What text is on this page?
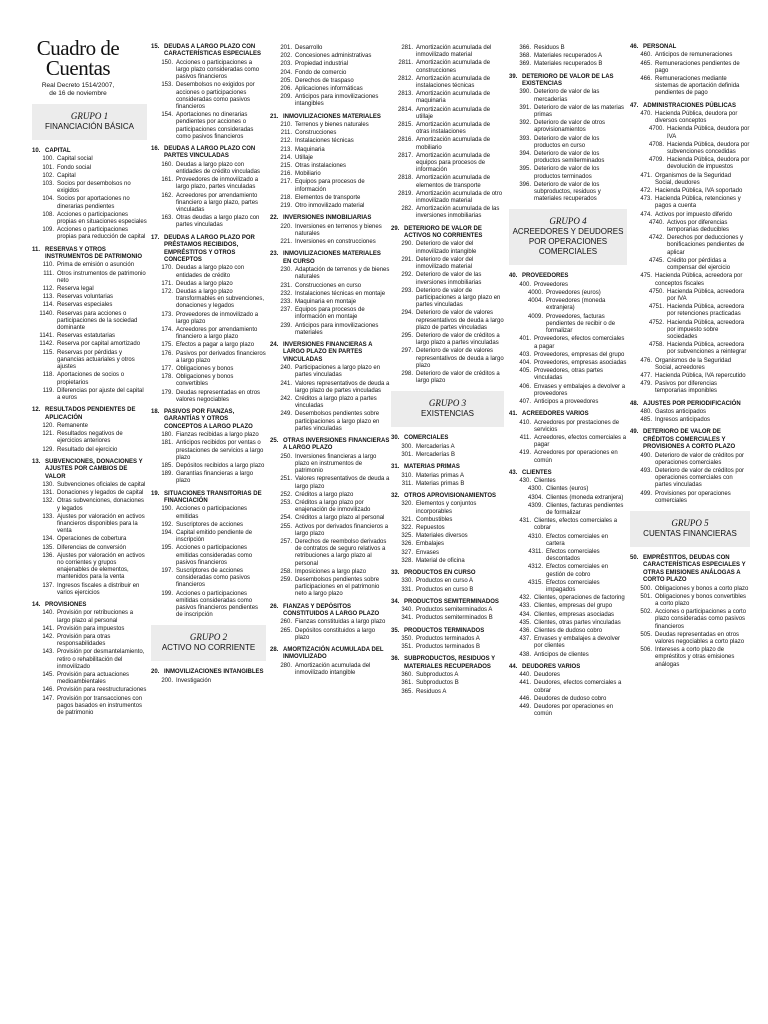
Cuadro de
Cuentas
Real Decreto 1514/2007,
de 16 de noviembre
GRUPO 1
FINANCIACIÓN BÁSICA
10. CAPITAL
100. Capital social
101. Fondo social
102. Capital
103. Socios por desembolsos no exigidos
104. Socios por aportaciones no dinerarias pendientes
108. Acciones o participaciones propias en situaciones especiales
109. Acciones o participaciones propias para reducción de capital
11. RESERVAS Y OTROS INSTRUMENTOS DE PATRIMONIO
110. Prima de emisión o asunción
111. Otros instrumentos de patrimonio neto
112. Reserva legal
113. Reservas voluntarias
114. Reservas especiales
1140. Reservas para acciones o participaciones de la sociedad dominante
1141. Reservas estatutarias
1142. Reserva por capital amortizado
115. Reservas por pérdidas y ganancias actuariales y otros ajustes
118. Aportaciones de socios o propietarios
119. Diferencias por ajuste del capital a euros
12. RESULTADOS PENDIENTES DE APLICACIÓN
120. Remanente
121. Resultados negativos de ejercicios anteriores
129. Resultado del ejercicio
13. SUBVENCIONES, DONACIONES Y AJUSTES POR CAMBIOS DE VALOR
130. Subvenciones oficiales de capital
131. Donaciones y legados de capital
132. Otras subvenciones, donaciones y legados
133. Ajustes por valoración en activos financieros disponibles para la venta
134. Operaciones de cobertura
135. Diferencias de conversión
136. Ajustes por valoración en activos no corrientes y grupos enajenables de elementos, mantenidos para la venta
137. Ingresos fiscales a distribuir en varios ejercicios
14. PROVISIONES
140. Provisión por retribuciones a largo plazo al personal
141. Provisión para impuestos
142. Provisión para otras responsabilidades
143. Provisión por desmantelamiento, retiro o rehabilitación del inmovilizado
145. Provisión para actuaciones medioambientales
146. Provisión para reestructuraciones
147. Provisión por transacciones con pagos basados en instrumentos de patrimonio
15. DEUDAS A LARGO PLAZO CON CARACTERÍSTICAS ESPECIALES
150. Acciones o participaciones a largo plazo consideradas como pasivos financieros
153. Desembolsos no exigidos por acciones o participaciones consideradas como pasivos financieros
154. Aportaciones no dinerarias pendientes por acciones o participaciones consideradas como pasivos financieros
16. DEUDAS A LARGO PLAZO CON PARTES VINCULADAS
160. Deudas a largo plazo con entidades de crédito vinculadas
161. Proveedores de inmovilizado a largo plazo, partes vinculadas
162. Acreedores por arrendamiento financiero a largo plazo, partes vinculadas
163. Otras deudas a largo plazo con partes vinculadas
17. DEUDAS A LARGO PLAZO POR PRÉSTAMOS RECIBIDOS, EMPRÉSTITOS Y OTROS CONCEPTOS
170. Deudas a largo plazo con entidades de crédito
171. Deudas a largo plazo
172. Deudas a largo plazo transformables en subvenciones, donaciones y legados
173. Proveedores de inmovilizado a largo plazo
174. Acreedores por arrendamiento financiero a largo plazo
175. Efectos a pagar a largo plazo
176. Pasivos por derivados financieros a largo plazo
177. Obligaciones y bonos
178. Obligaciones y bonos convertibles
179. Deudas representadas en otros valores negociables
18. PASIVOS POR FIANZAS, GARANTÍAS Y OTROS CONCEPTOS A LARGO PLAZO
180. Fianzas recibidas a largo plazo
181. Anticipos recibidos por ventas o prestaciones de servicios a largo plazo
185. Depósitos recibidos a largo plazo
189. Garantías financieras a largo plazo
19. SITUACIONES TRANSITORIAS DE FINANCIACIÓN
190. Acciones o participaciones emitidas
192. Suscriptores de acciones
194. Capital emitido pendiente de inscripción
195. Acciones o participaciones emitidas consideradas como pasivos financieros
197. Suscriptores de acciones consideradas como pasivos financieros
199. Acciones o participaciones emitidas consideradas como pasivos financieros pendientes de inscripción
GRUPO 2
ACTIVO NO CORRIENTE
20. INMOVILIZACIONES INTANGIBLES
200. Investigación
201. Desarrollo
202. Concesiones administrativas
203. Propiedad industrial
204. Fondo de comercio
205. Derechos de traspaso
206. Aplicaciones informáticas
209. Anticipos para inmovilizaciones intangibles
21. INMOVILIZACIONES MATERIALES
210. Terrenos y bienes naturales
211. Construcciones
212. Instalaciones técnicas
213. Maquinaria
214. Utillaje
215. Otras instalaciones
216. Mobiliario
217. Equipos para procesos de información
218. Elementos de transporte
219. Otro inmovilizado material
22. INVERSIONES INMOBILIARIAS
220. Inversiones en terrenos y bienes naturales
221. Inversiones en construcciones
23. INMOVILIZACIONES MATERIALES EN CURSO
230. Adaptación de terrenos y de bienes naturales
231. Construcciones en curso
232. Instalaciones técnicas en montaje
233. Maquinaria en montaje
237. Equipos para procesos de información en montaje
239. Anticipos para inmovilizaciones materiales
24. INVERSIONES FINANCIERAS A LARGO PLAZO EN PARTES VINCULADAS
240. Participaciones a largo plazo en partes vinculadas
241. Valores representativos de deuda a largo plazo de partes vinculadas
242. Créditos a largo plazo a partes vinculadas
249. Desembolsos pendientes sobre participaciones a largo plazo en partes vinculadas
25. OTRAS INVERSIONES FINANCIERAS A LARGO PLAZO
250. Inversiones financieras a largo plazo en instrumentos de patrimonio
251. Valores representativos de deuda a largo plazo
252. Créditos a largo plazo
253. Créditos a largo plazo por enajenación de inmovilizado
254. Créditos a largo plazo al personal
255. Activos por derivados financieros a largo plazo
257. Derechos de reembolso derivados de contratos de seguro relativos a retribuciones a largo plazo al personal
258. Imposiciones a largo plazo
259. Desembolsos pendientes sobre participaciones en el patrimonio neto a largo plazo
26. FIANZAS Y DEPÓSITOS CONSTITUIDOS A LARGO PLAZO
260. Fianzas constituidas a largo plazo
265. Depósitos constituidos a largo plazo
28. AMORTIZACIÓN ACUMULADA DEL INMOVILIZADO
280. Amortización acumulada del inmovilizado intangible
281. Amortización acumulada del inmovilizado material
2811. Amortización acumulada de construcciones
2812. Amortización acumulada de instalaciones técnicas
2813. Amortización acumulada de maquinaria
2814. Amortización acumulada de utillaje
2815. Amortización acumulada de otras instalaciones
2816. Amortización acumulada de mobiliario
2817. Amortización acumulada de equipos para procesos de información
2818. Amortización acumulada de elementos de transporte
2819. Amortización acumulada de otro inmovilizado material
282. Amortización acumulada de las inversiones inmobiliarias
29. DETERIORO DE VALOR DE ACTIVOS NO CORRIENTES
290. Deterioro de valor del inmovilizado intangible
291. Deterioro de valor del inmovilizado material
292. Deterioro de valor de las inversiones inmobiliarias
293. Deterioro de valor de participaciones a largo plazo en partes vinculadas
294. Deterioro de valor de valores representativos de deuda a largo plazo de partes vinculadas
295. Deterioro de valor de créditos a largo plazo a partes vinculadas
297. Deterioro de valor de valores representativos de deuda a largo plazo
298. Deterioro de valor de créditos a largo plazo
GRUPO 3
EXISTENCIAS
30. COMERCIALES
300. Mercaderías A
301. Mercaderías B
31. MATERIAS PRIMAS
310. Materias primas A
311. Materias primas B
32. OTROS APROVISIONAMIENTOS
320. Elementos y conjuntos incorporables
321. Combustibles
322. Repuestos
325. Materiales diversos
326. Embalajes
327. Envases
328. Material de oficina
33. PRODUCTOS EN CURSO
330. Productos en curso A
331. Productos en curso B
34. PRODUCTOS SEMITERMINADOS
340. Productos semiterminados A
341. Productos semiterminados B
35. PRODUCTOS TERMINADOS
350. Productos terminados A
351. Productos terminados B
36. SUBPRODUCTOS, RESIDUOS Y MATERIALES RECUPERADOS
360. Subproductos A
361. Subproductos B
365. Residuos A
366. Residuos B
368. Materiales recuperados A
369. Materiales recuperados B
39. DETERIORO DE VALOR DE LAS EXISTENCIAS
390. Deterioro de valor de las mercaderías
391. Deterioro de valor de las materias primas
392. Deterioro de valor de otros aprovisionamientos
393. Deterioro de valor de los productos en curso
394. Deterioro de valor de los productos semiterminados
395. Deterioro de valor de los productos terminados
396. Deterioro de valor de los subproductos, residuos y materiales recuperados
GRUPO 4
ACREEDORES Y DEUDORES POR OPERACIONES COMERCIALES
40. PROVEEDORES
400. Proveedores
4000. Proveedores (euros)
4004. Proveedores (moneda extranjera)
4009. Proveedores, facturas pendientes de recibir o de formalizar
401. Proveedores, efectos comerciales a pagar
403. Proveedores, empresas del grupo
404. Proveedores, empresas asociadas
405. Proveedores, otras partes vinculadas
406. Envases y embalajes a devolver a proveedores
407. Anticipos a proveedores
41. ACREEDORES VARIOS
410. Acreedores por prestaciones de servicios
411. Acreedores, efectos comerciales a pagar
419. Acreedores por operaciones en común
43. CLIENTES
430. Clientes
4300. Clientes (euros)
4304. Clientes (moneda extranjera)
4309. Clientes, facturas pendientes de formalizar
431. Clientes, efectos comerciales a cobrar
4310. Efectos comerciales en cartera
4311. Efectos comerciales descontados
4312. Efectos comerciales en gestión de cobro
4315. Efectos comerciales impagados
432. Clientes, operaciones de factoring
433. Clientes, empresas del grupo
434. Clientes, empresas asociadas
435. Clientes, otras partes vinculadas
436. Clientes de dudoso cobro
437. Envases y embalajes a devolver por clientes
438. Anticipos de clientes
44. DEUDORES VARIOS
440. Deudores
441. Deudores, efectos comerciales a cobrar
446. Deudores de dudoso cobro
449. Deudores por operaciones en común
46. PERSONAL
460. Anticipos de remuneraciones
465. Remuneraciones pendientes de pago
466. Remuneraciones mediante sistemas de aportación definida pendientes de pago
47. ADMINISTRACIONES PÚBLICAS
470. Hacienda Pública, deudora por diversos conceptos
4700. Hacienda Pública, deudora por IVA
4708. Hacienda Pública, deudora por subvenciones concedidas
4709. Hacienda Pública, deudora por devolución de impuestos
471. Organismos de la Seguridad Social, deudores
472. Hacienda Pública, IVA soportado
473. Hacienda Pública, retenciones y pagos a cuenta
474. Activos por impuesto diferido
4740. Activos por diferencias temporarias deducibles
4742. Derechos por deducciones y bonificaciones pendientes de aplicar
4745. Crédito por pérdidas a compensar del ejercicio
475. Hacienda Pública, acreedora por conceptos fiscales
4750. Hacienda Pública, acreedora por IVA
4751. Hacienda Pública, acreedora por retenciones practicadas
4752. Hacienda Pública, acreedora por impuesto sobre sociedades
4758. Hacienda Pública, acreedora por subvenciones a reintegrar
476. Organismos de la Seguridad Social, acreedores
477. Hacienda Pública, IVA repercutido
479. Pasivos por diferencias temporarias imponibles
48. AJUSTES POR PERIODIFICACIÓN
480. Gastos anticipados
485. Ingresos anticipados
49. DETERIORO DE VALOR DE CRÉDITOS COMERCIALES Y PROVISIONES A CORTO PLAZO
490. Deterioro de valor de créditos por operaciones comerciales
493. Deterioro de valor de créditos por operaciones comerciales con partes vinculadas
499. Provisiones por operaciones comerciales
GRUPO 5
CUENTAS FINANCIERAS
50. EMPRÉSTITOS, DEUDAS CON CARACTERÍSTICAS ESPECIALES Y OTRAS EMISIONES ANÁLOGAS A CORTO PLAZO
500. Obligaciones y bonos a corto plazo
501. Obligaciones y bonos convertibles a corto plazo
502. Acciones o participaciones a corto plazo consideradas como pasivos financieros
505. Deudas representadas en otros valores negociables a corto plazo
506. Intereses a corto plazo de empréstitos y otras emisiones análogas
